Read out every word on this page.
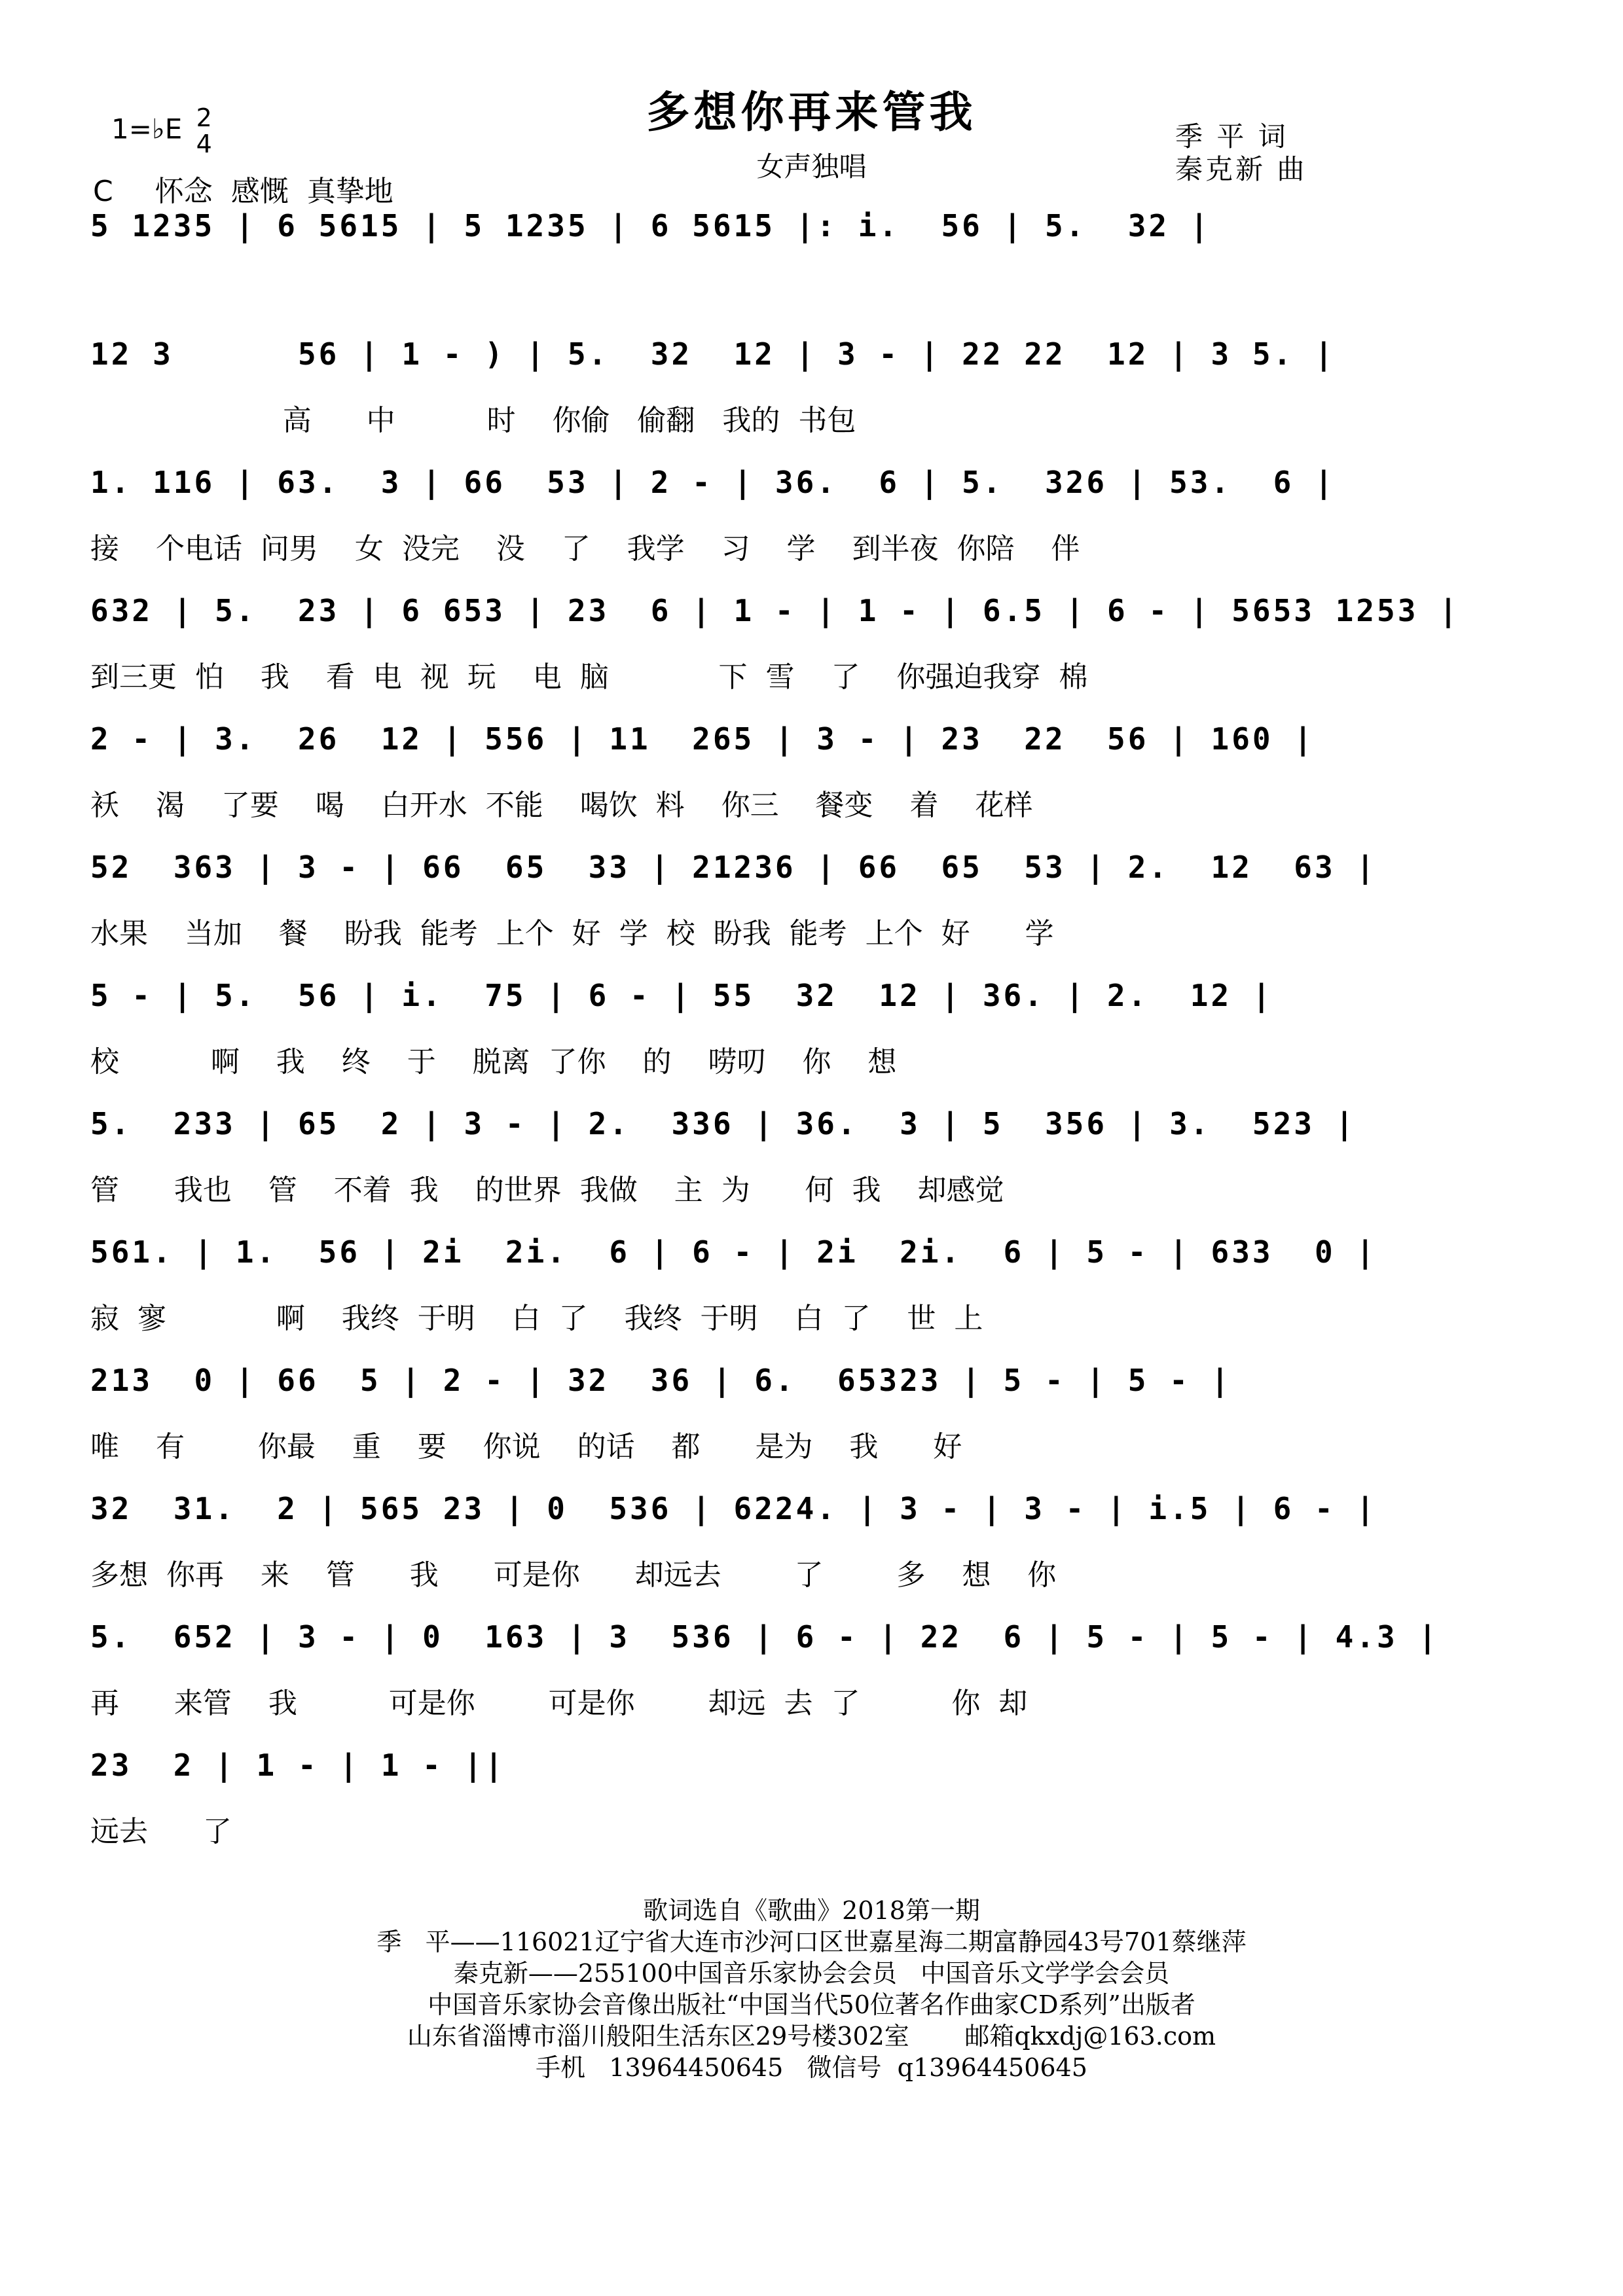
多想你再来管我
女声独唱
1=♭E 2
4	季 平 词
秦克新 曲
C 怀念 感慨 真挚地
5 1235 | 6 5615 | 5 1235 | 6 5615 |: i.  56 | 5.  32 |
12 3      56 | 1 - ) | 5.  32  12 | 3 - | 22 22  12 | 3 5. |
高      中          时    你偷   偷翻   我的  书包
1. 116 | 63.  3 | 66  53 | 2 - | 36.  6 | 5.  326 | 53.  6 |
接    个电话  问男    女  没完    没    了    我学    习    学    到半夜  你陪    伴
632 | 5.  23 | 6 653 | 23  6 | 1 - | 1 - | 6.5 | 6 - | 5653 1253 |
到三更  怕    我    看  电  视  玩    电  脑            下  雪    了    你强迫我穿  棉
2 - | 3.  26  12 | 556 | 11  265 | 3 - | 23  22  56 | 160 |
袄    渴    了要    喝    白开水  不能    喝饮  料    你三    餐变    着    花样
52  363 | 3 - | 66  65  33 | 21236 | 66  65  53 | 2.  12  63 |
水果    当加    餐    盼我  能考  上个  好  学  校  盼我  能考  上个  好      学
5 - | 5.  56 | i.  75 | 6 - | 55  32  12 | 36. | 2.  12 |
校          啊    我    终    于    脱离  了你    的    唠叨    你    想
5.  233 | 65  2 | 3 - | 2.  336 | 36.  3 | 5  356 | 3.  523 |
管      我也    管    不着  我    的世界  我做    主  为      何  我    却感觉
561. | 1.  56 | 2i  2i.  6 | 6 - | 2i  2i.  6 | 5 - | 633  0 |
寂  寥            啊    我终  于明    白  了    我终  于明    白  了    世  上
213  0 | 66  5 | 2 - | 32  36 | 6.  65323 | 5 - | 5 - |
唯    有        你最    重    要    你说    的话    都      是为    我      好
32  31.  2 | 565 23 | 0  536 | 6224. | 3 - | 3 - | i.5 | 6 - |
多想  你再    来    管      我      可是你      却远去        了        多    想    你
5.  652 | 3 - | 0  163 | 3  536 | 6 - | 22  6 | 5 - | 5 - | 4.3 |
再      来管    我          可是你        可是你        却远  去  了          你  却
23  2 | 1 - | 1 - ||
远去      了
歌词选自《歌曲》2018第一期
季   平——116021辽宁省大连市沙河口区世嘉星海二期富静园43号701蔡继萍
秦克新——255100中国音乐家协会会员   中国音乐文学学会会员
中国音乐家协会音像出版社“中国当代50位著名作曲家CD系列”出版者
山东省淄博市淄川般阳生活东区29号楼302室       邮箱qkxdj@163.com
手机   13964450645   微信号  q13964450645
